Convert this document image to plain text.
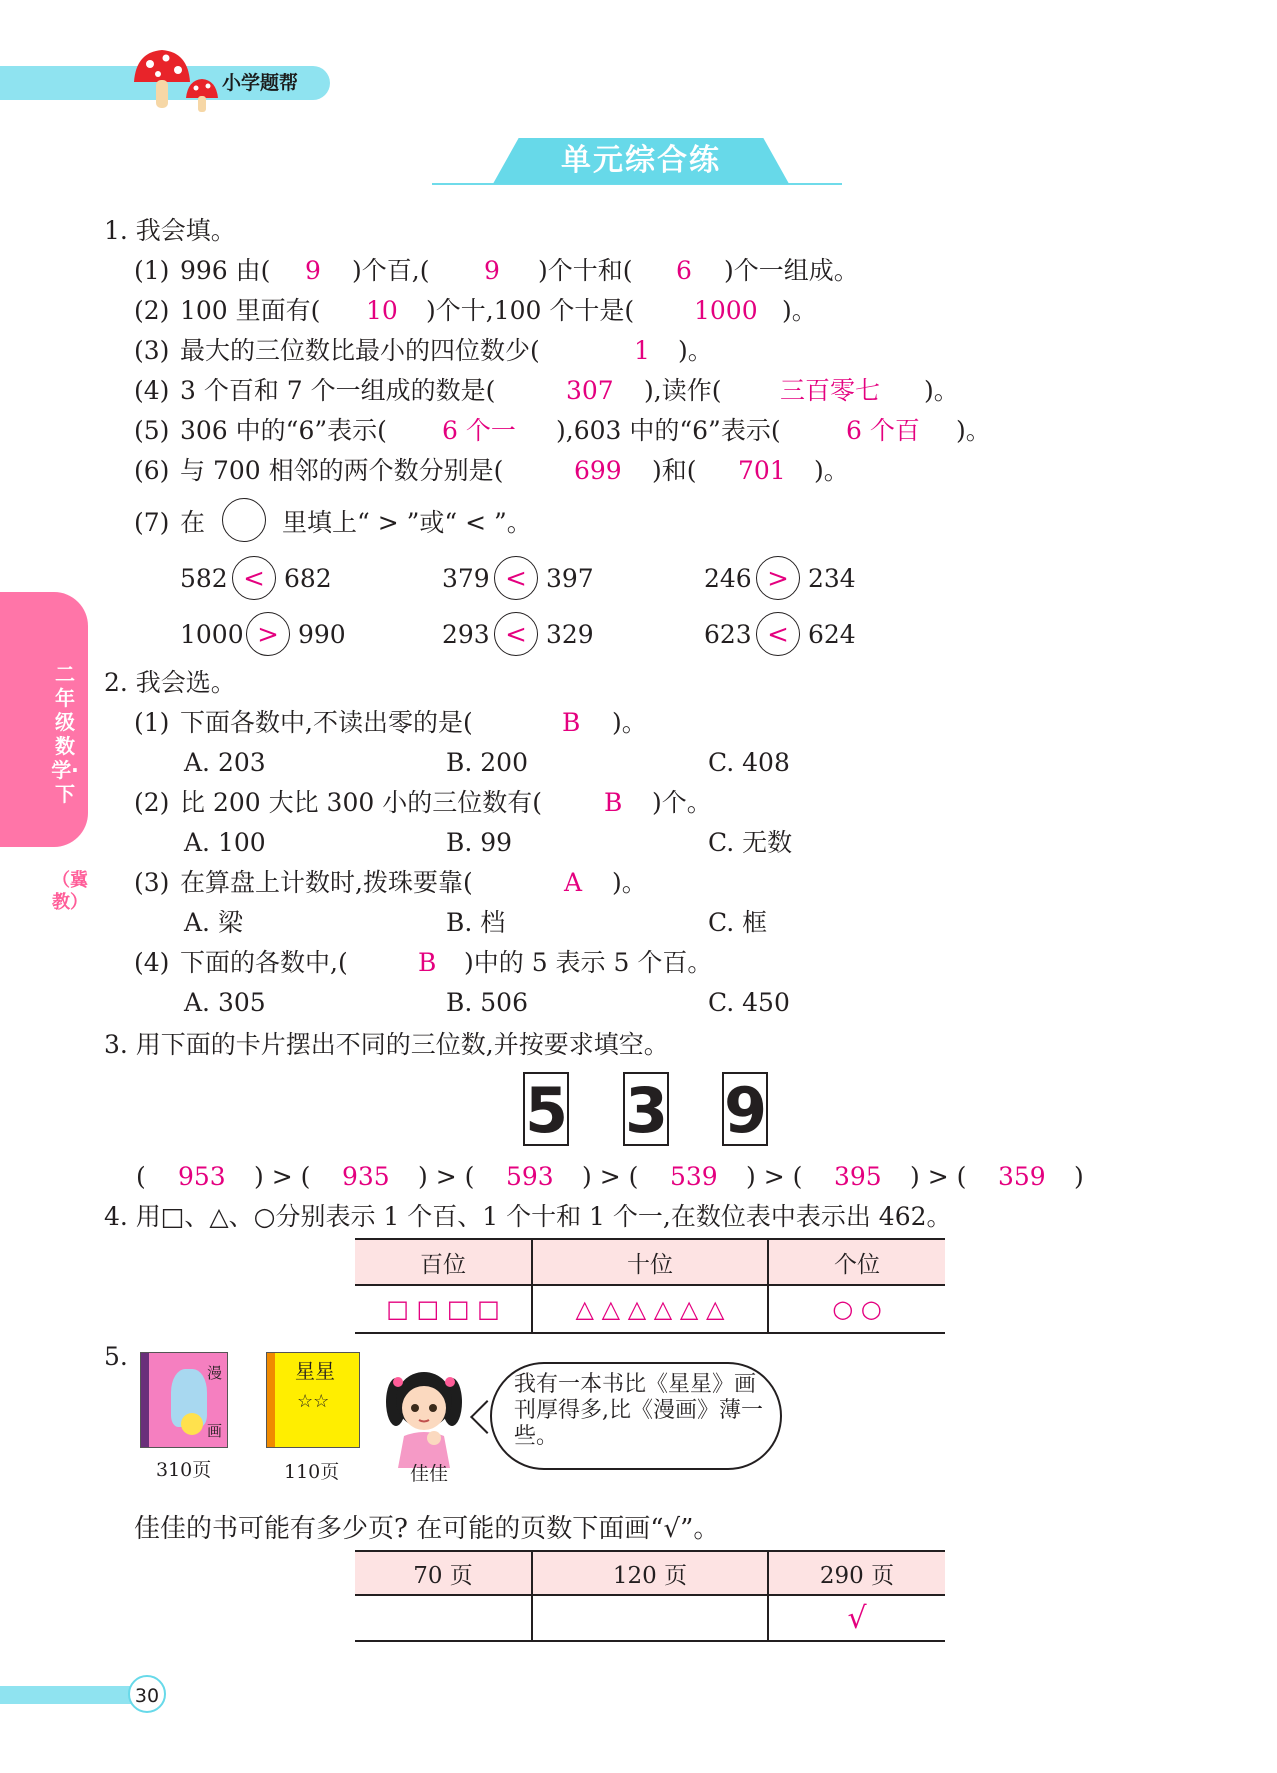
小学题帮
单元综合练
二年级数学·下
（冀教）
1. 我会填。
(1) 996 由( 9 )个百,( 9 )个十和( 6 )个一组成。
(2) 100 里面有( 10 )个十,100 个十是( 1000 )。
(3) 最大的三位数比最小的四位数少(	1 )。
(4) 3 个百和 7 个一组成的数是(	307 ),读作( 三百零七 )。
(5) 306 中的“6”表示( 6 个一 ),603 中的“6”表示(	6 个百 )。
(6) 与 700 相邻的两个数分别是(	699 )和( 701 )。
(7) 在	里填上“ > ”或“ < ”。
582 < 682	379 < 397	246 > 234
1000 > 990	293 < 329	623 < 624
2. 我会选。
(1) 下面各数中,不读出零的是(	B )。
A. 203	B. 200	C. 408
(2) 比 200 大比 300 小的三位数有( B )个。
A. 100	B. 99	C. 无数
(3) 在算盘上计数时,拨珠要靠(	A )。
A. 梁	B. 档	C. 框
(4) 下面的各数中,(	B )中的 5 表示 5 个百。
A. 305	B. 506	C. 450
3. 用下面的卡片摆出不同的三位数,并按要求填空。
5 3 9
( 953 ) > ( 935 ) > ( 593 ) > ( 539 ) > ( 395 ) > ( 359 )
4. 用□、△、○分别表示 1 个百、1 个十和 1 个一,在数位表中表示出 462。
百位	十位	个位
□ □ □ □	△ △ △ △ △ △	○ ○
5.
漫
画
310页
星星
☆☆
110页	佳佳
我有一本书比《星星》画刊厚得多,比《漫画》薄一些。
佳佳的书可能有多少页? 在可能的页数下面画“√”。
70 页	120 页	290 页
		√
30
